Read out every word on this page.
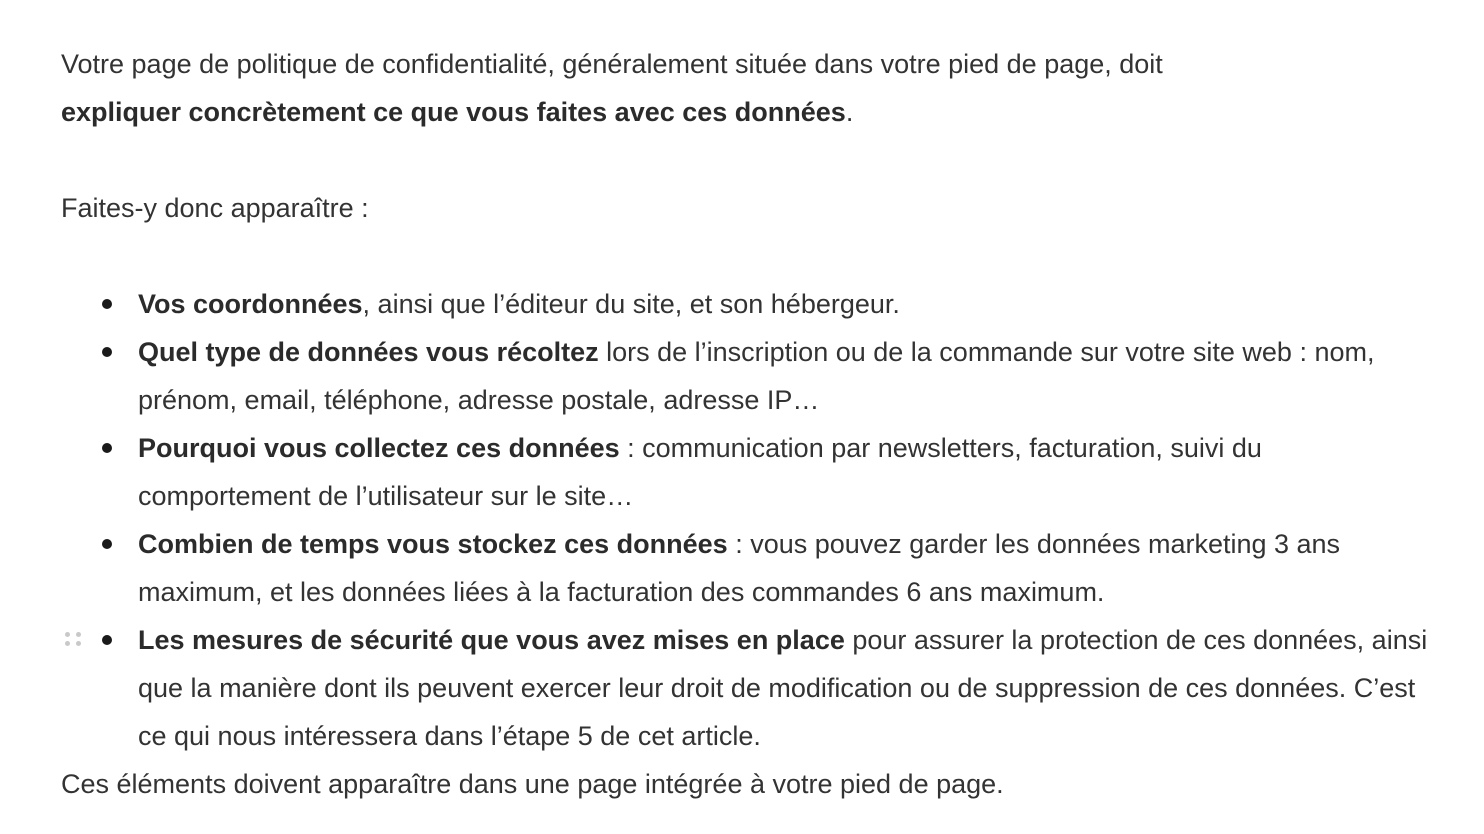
Votre page de politique de confidentialité, généralement située dans votre pied de page, doit
expliquer concrètement ce que vous faites avec ces données.

Faites-y donc apparaître :

Vos coordonnées, ainsi que l’éditeur du site, et son hébergeur.
Quel type de données vous récoltez lors de l’inscription ou de la commande sur votre site web : nom, prénom, email, téléphone, adresse postale, adresse IP…
Pourquoi vous collectez ces données : communication par newsletters, facturation, suivi du comportement de l’utilisateur sur le site…
Combien de temps vous stockez ces données : vous pouvez garder les données marketing 3 ans maximum, et les données liées à la facturation des commandes 6 ans maximum.
Les mesures de sécurité que vous avez mises en place pour assurer la protection de ces données, ainsi que la manière dont ils peuvent exercer leur droit de modification ou de suppression de ces données. C’est ce qui nous intéressera dans l’étape 5 de cet article.

Ces éléments doivent apparaître dans une page intégrée à votre pied de page.
